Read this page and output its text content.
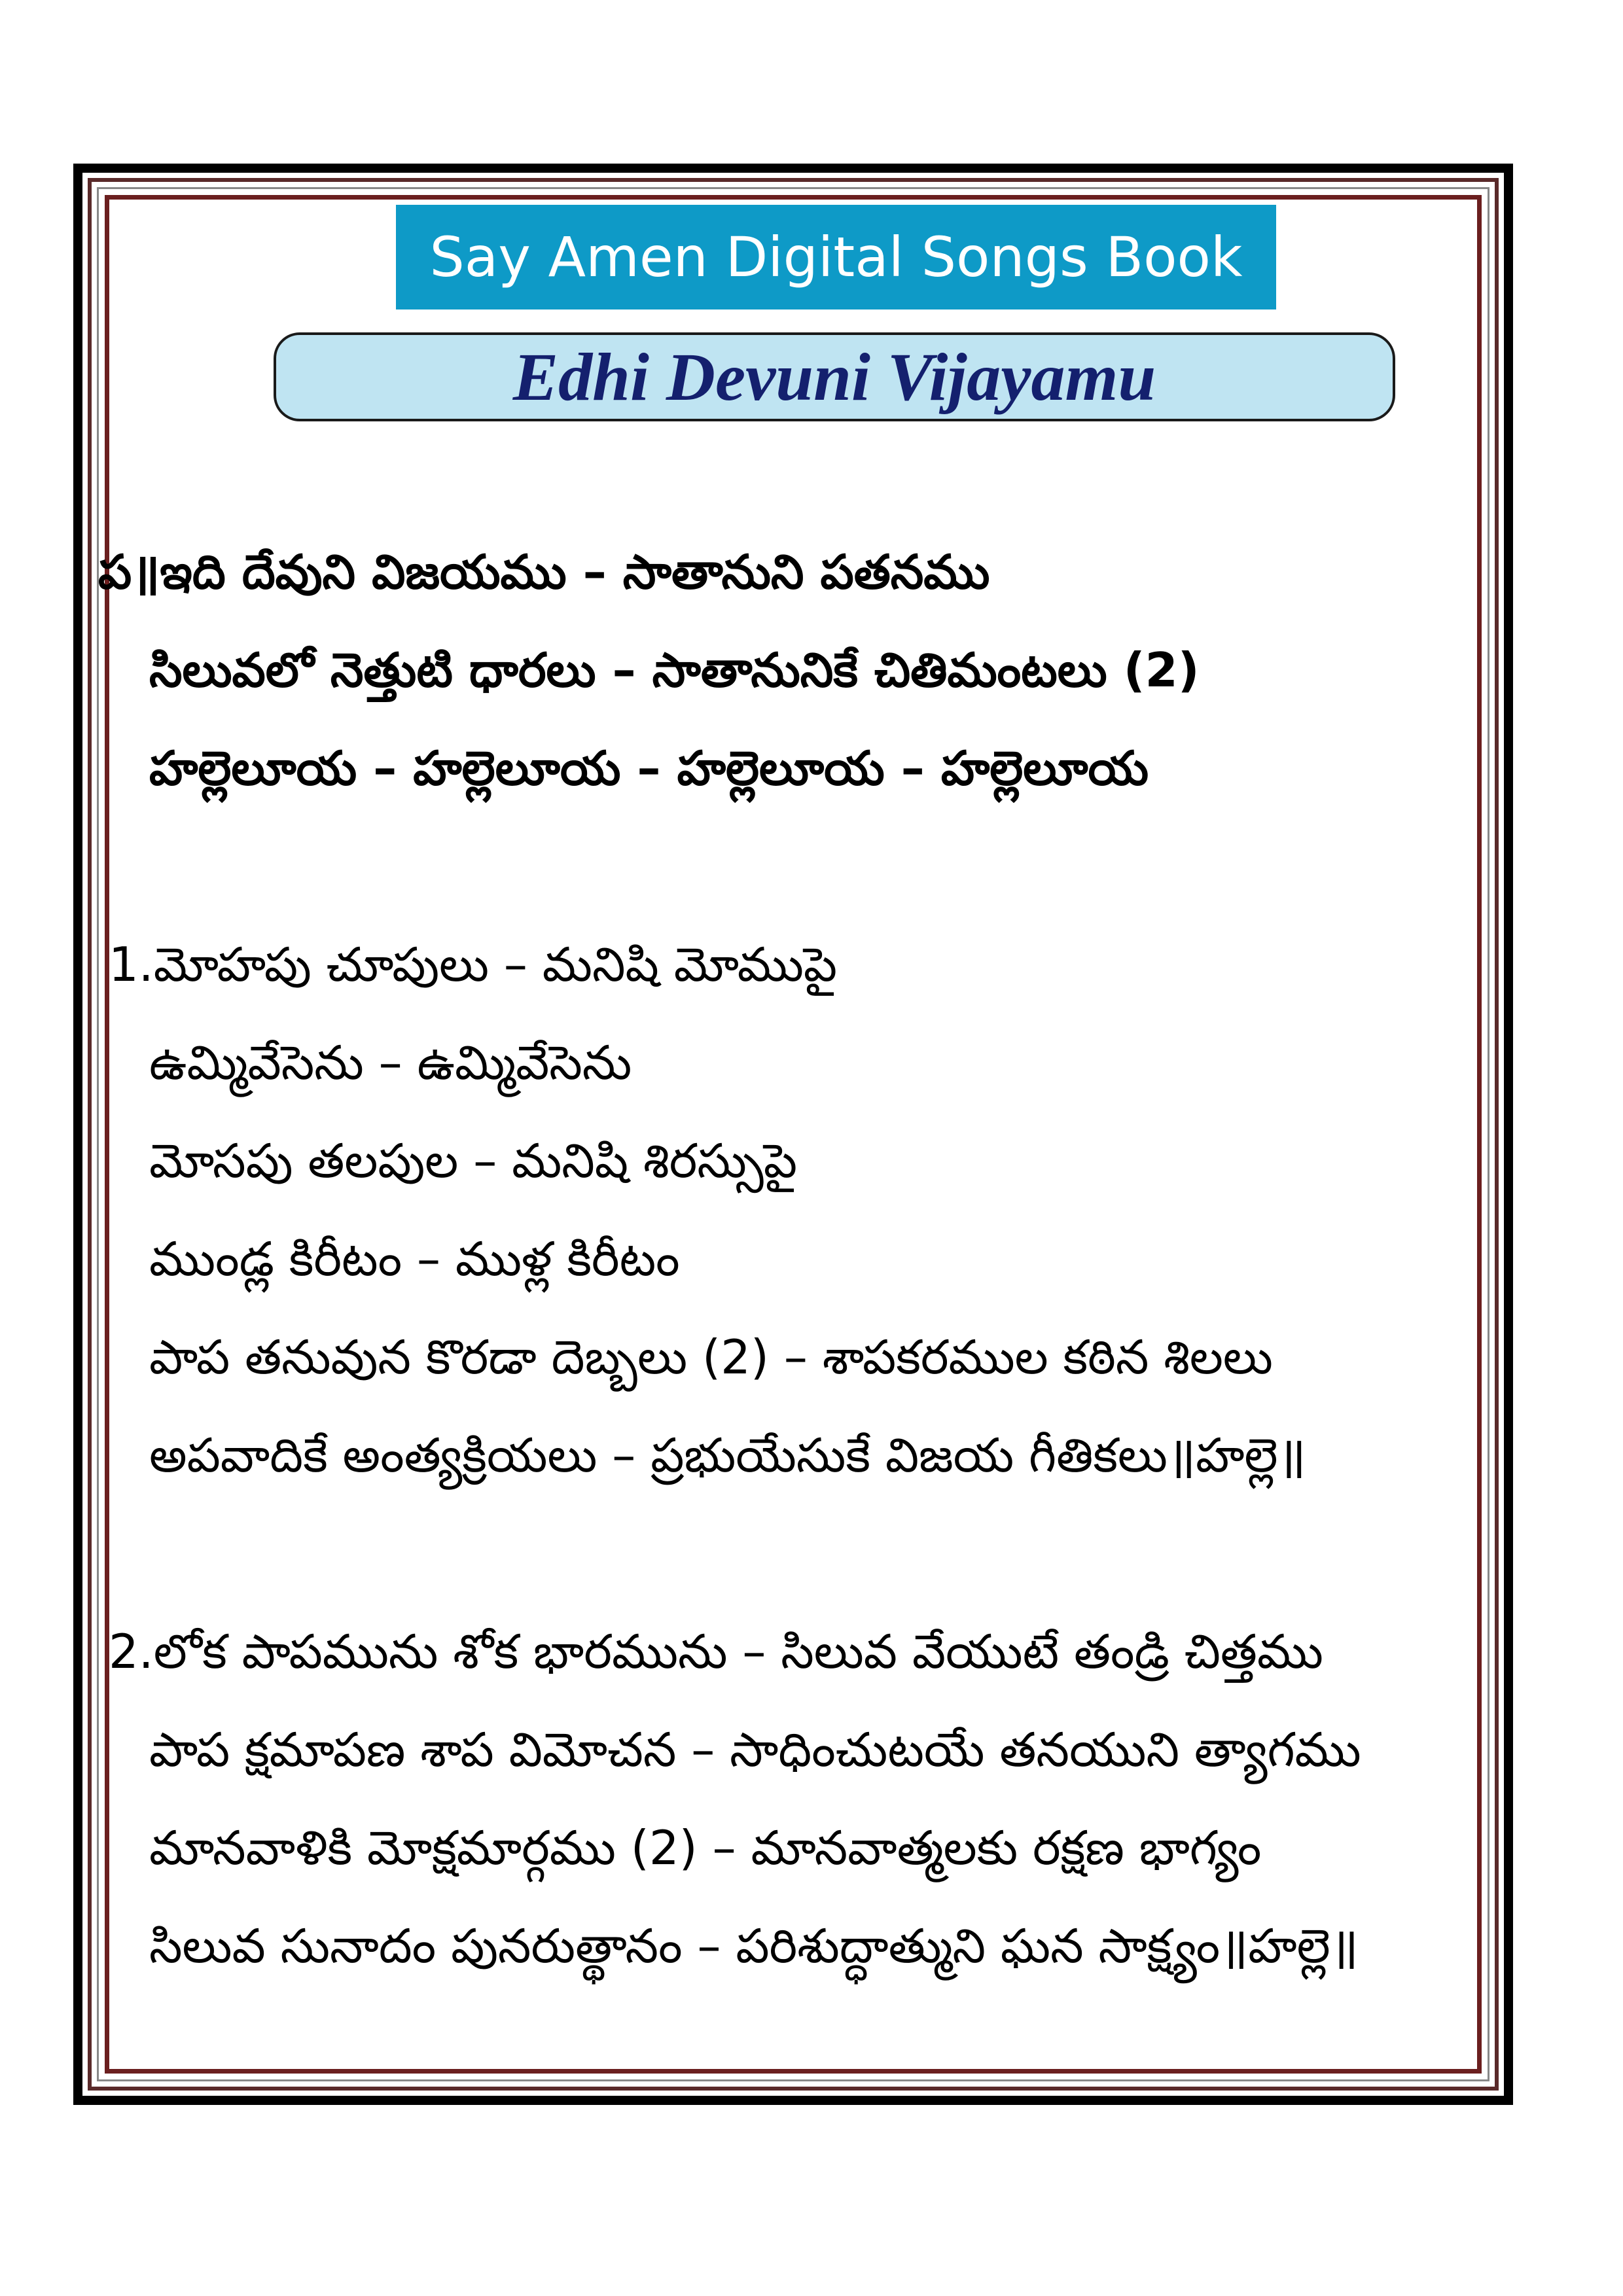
Say Amen Digital Songs Book
Edhi Devuni Vijayamu
ప॥ఇది దేవుని విజయము – సాతానుని పతనము
సిలువలో నెత్తుటి ధారలు – సాతానునికే చితిమంటలు (2)
హల్లెలూయ – హల్లెలూయ – హల్లెలూయ – హల్లెలూయ
1.మోహపు చూపులు – మనిషి మోముపై
ఉమ్మివేసెను – ఉమ్మివేసెను
మోసపు తలపుల – మనిషి శిరస్సుపై
ముండ్ల కిరీటం – ముళ్ల కిరీటం
పాప తనువున కొరడా దెబ్బలు (2) – శాపకరముల కఠిన శిలలు
అపవాదికే అంత్యక్రియలు – ప్రభుయేసుకే విజయ గీతికలు॥హల్లె॥
2.లోక పాపమును శోక భారమును – సిలువ వేయుటే తండ్రి చిత్తము
పాప క్షమాపణ శాప విమోచన – సాధించుటయే తనయుని త్యాగము
మానవాళికి మోక్షమార్గము (2) – మానవాత్మలకు రక్షణ భాగ్యం
సిలువ సునాదం పునరుత్థానం – పరిశుద్ధాత్ముని ఘన సాక్ష్యం॥హల్లె॥
